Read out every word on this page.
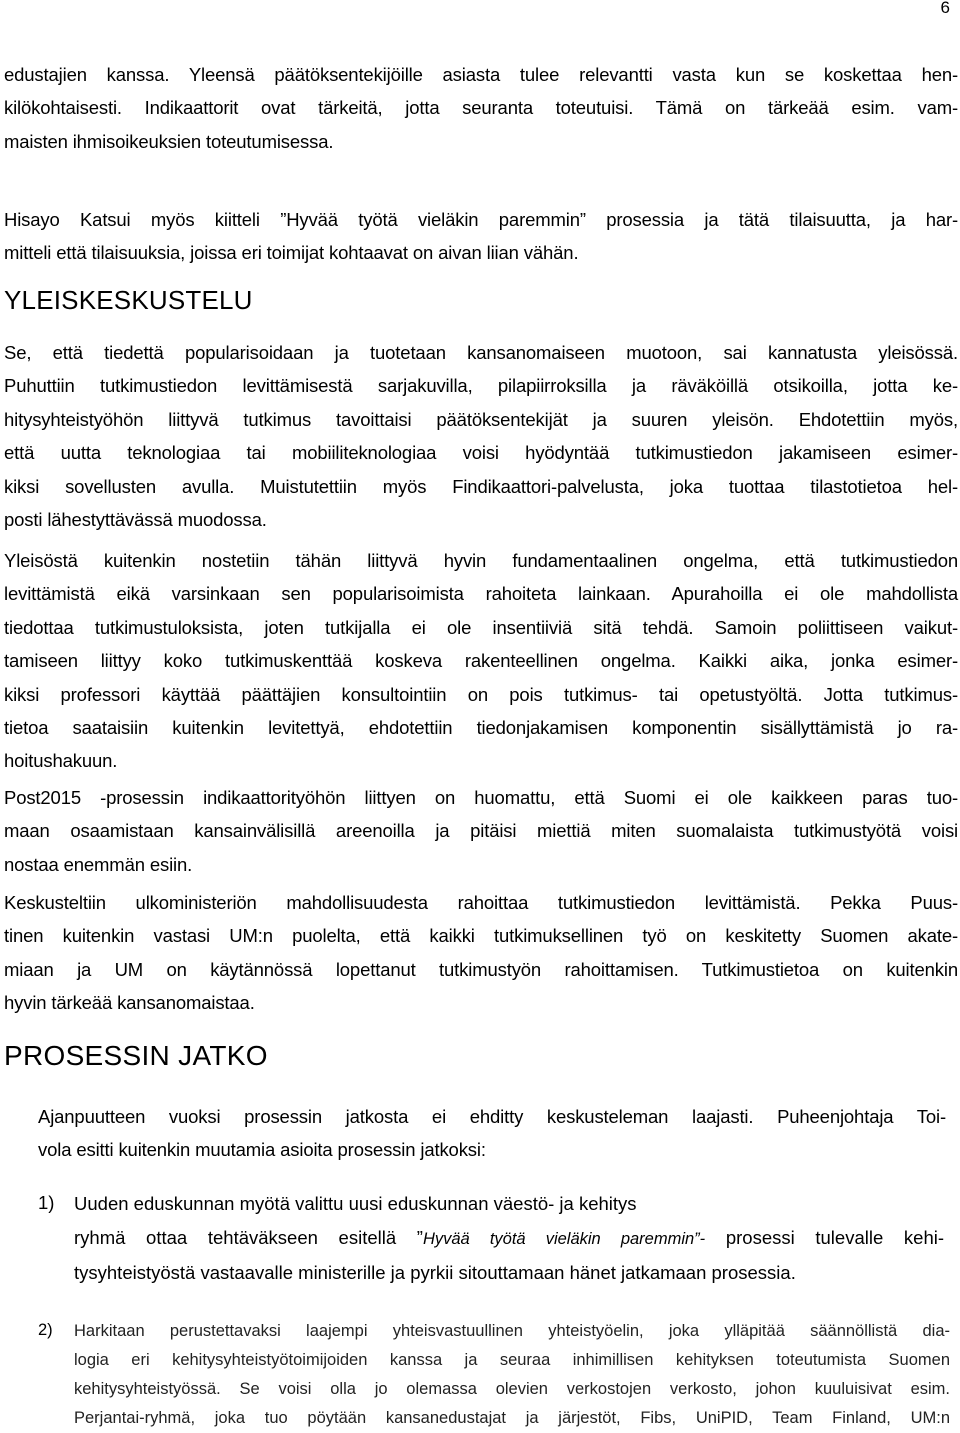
6
edustajien kanssa. Yleensä päätöksentekijöille asiasta tulee relevantti vasta kun se koskettaa hen-
kilökohtaisesti. Indikaattorit ovat tärkeitä, jotta seuranta toteutuisi. Tämä on tärkeää esim. vam-
maisten ihmisoikeuksien toteutumisessa.
Hisayo Katsui myös kiitteli ”Hyvää työtä vieläkin paremmin” prosessia ja tätä tilaisuutta, ja har-
mitteli että tilaisuuksia, joissa eri toimijat kohtaavat on aivan liian vähän.
YLEISKESKUSTELU
Se, että tiedettä popularisoidaan ja tuotetaan kansanomaiseen muotoon, sai kannatusta yleisössä.
Puhuttiin tutkimustiedon levittämisestä sarjakuvilla, pilapiirroksilla ja räväköillä otsikoilla, jotta ke-
hitysyhteistyöhön liittyvä tutkimus tavoittaisi päätöksentekijät ja suuren yleisön. Ehdotettiin myös,
että uutta teknologiaa tai mobiiliteknologiaa voisi hyödyntää tutkimustiedon jakamiseen esimer-
kiksi sovellusten avulla. Muistutettiin myös Findikaattori-palvelusta, joka tuottaa tilastotietoa hel-
posti lähestyttävässä muodossa.
Yleisöstä kuitenkin nostetiin tähän liittyvä hyvin fundamentaalinen ongelma, että tutkimustiedon
levittämistä eikä varsinkaan sen popularisoimista rahoiteta lainkaan. Apurahoilla ei ole mahdollista
tiedottaa tutkimustuloksista, joten tutkijalla ei ole insentiiviä sitä tehdä. Samoin poliittiseen vaikut-
tamiseen liittyy koko tutkimuskenttää koskeva rakenteellinen ongelma. Kaikki aika, jonka esimer-
kiksi professori käyttää päättäjien konsultointiin on pois tutkimus- tai opetustyöltä. Jotta tutkimus-
tietoa saataisiin kuitenkin levitettyä, ehdotettiin tiedonjakamisen komponentin sisällyttämistä jo ra-
hoitushakuun.
Post2015 -prosessin indikaattorityöhön liittyen on huomattu, että Suomi ei ole kaikkeen paras tuo-
maan osaamistaan kansainvälisillä areenoilla ja pitäisi miettiä miten suomalaista tutkimustyötä voisi
nostaa enemmän esiin.
Keskusteltiin ulkoministeriön mahdollisuudesta rahoittaa tutkimustiedon levittämistä. Pekka Puus-
tinen kuitenkin vastasi UM:n puolelta, että kaikki tutkimuksellinen työ on keskitetty Suomen akate-
miaan ja UM on käytännössä lopettanut tutkimustyön rahoittamisen. Tutkimustietoa on kuitenkin
hyvin tärkeää kansanomaistaa.
PROSESSIN JATKO
Ajanpuutteen vuoksi prosessin jatkosta ei ehditty keskusteleman laajasti. Puheenjohtaja Toi-
vola esitti kuitenkin muutamia asioita prosessin jatkoksi:
1) Uuden eduskunnan myötä valittu uusi eduskunnan väestö- ja kehitys
ryhmä ottaa tehtäväkseen esitellä ”Hyvää työtä vieläkin paremmin”- prosessi tulevalle kehi-
tysyhteistyöstä vastaavalle ministerille ja pyrkii sitouttamaan hänet jatkamaan prosessia.
2) Harkitaan perustettavaksi laajempi yhteisvastuullinen yhteistyöelin, joka ylläpitää säännöllistä dia-
logia eri kehitysyhteistyötoimijoiden kanssa ja seuraa inhimillisen kehityksen toteutumista Suomen
kehitysyhteistyössä. Se voisi olla jo olemassa olevien verkostojen verkosto, johon kuuluisivat esim.
Perjantai-ryhmä, joka tuo pöytään kansanedustajat ja järjestöt, Fibs, UniPID, Team Finland, UM:n
